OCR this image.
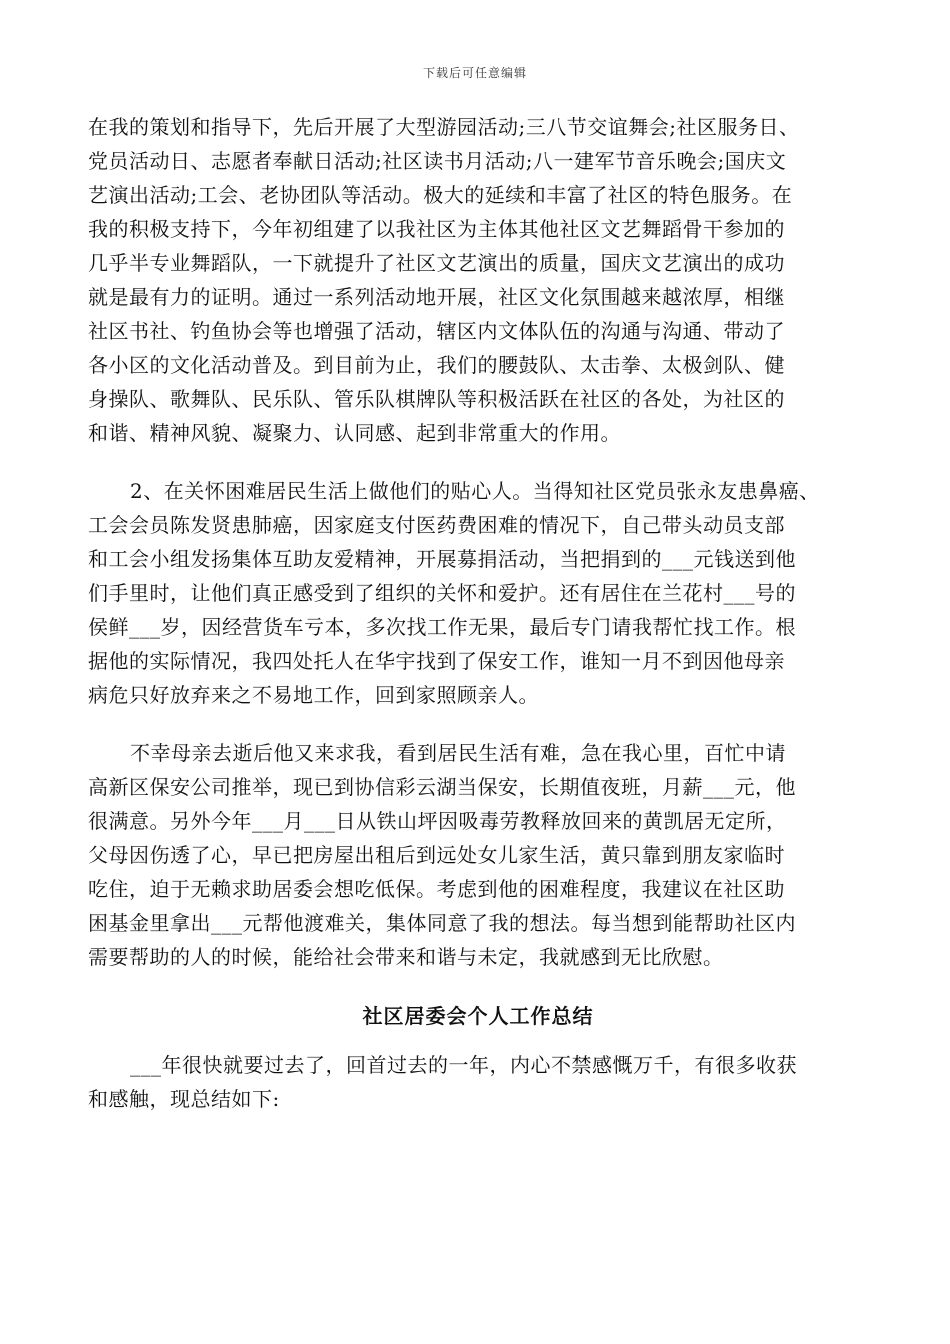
下载后可任意编辑
在我的策划和指导下，先后开展了大型游园活动;三八节交谊舞会;社区服务日、
党员活动日、志愿者奉献日活动;社区读书月活动;八一建军节音乐晚会;国庆文
艺演出活动;工会、老协团队等活动。极大的延续和丰富了社区的特色服务。在
我的积极支持下，今年初组建了以我社区为主体其他社区文艺舞蹈骨干参加的
几乎半专业舞蹈队，一下就提升了社区文艺演出的质量，国庆文艺演出的成功
就是最有力的证明。通过一系列活动地开展，社区文化氛围越来越浓厚，相继
社区书社、钓鱼协会等也增强了活动，辖区内文体队伍的沟通与沟通、带动了
各小区的文化活动普及。到目前为止，我们的腰鼓队、太击拳、太极剑队、健
身操队、歌舞队、民乐队、管乐队棋牌队等积极活跃在社区的各处，为社区的
和谐、精神风貌、凝聚力、认同感、起到非常重大的作用。
2、在关怀困难居民生活上做他们的贴心人。当得知社区党员张永友患鼻癌、
工会会员陈发贤患肺癌，因家庭支付医药费困难的情况下，自己带头动员支部
和工会小组发扬集体互助友爱精神，开展募捐活动，当把捐到的___元钱送到他
们手里时，让他们真正感受到了组织的关怀和爱护。还有居住在兰花村___号的
侯鲜___岁，因经营货车亏本，多次找工作无果，最后专门请我帮忙找工作。根
据他的实际情况，我四处托人在华宇找到了保安工作，谁知一月不到因他母亲
病危只好放弃来之不易地工作，回到家照顾亲人。
不幸母亲去逝后他又来求我，看到居民生活有难，急在我心里，百忙中请
高新区保安公司推举，现已到协信彩云湖当保安，长期值夜班，月薪___元，他
很满意。另外今年___月___日从铁山坪因吸毒劳教释放回来的黄凯居无定所，
父母因伤透了心，早已把房屋出租后到远处女儿家生活，黄只靠到朋友家临时
吃住，迫于无赖求助居委会想吃低保。考虑到他的困难程度，我建议在社区助
困基金里拿出___元帮他渡难关，集体同意了我的想法。每当想到能帮助社区内
需要帮助的人的时候，能给社会带来和谐与未定，我就感到无比欣慰。
社区居委会个人工作总结
___年很快就要过去了，回首过去的一年，内心不禁感慨万千，有很多收获
和感触，现总结如下:
